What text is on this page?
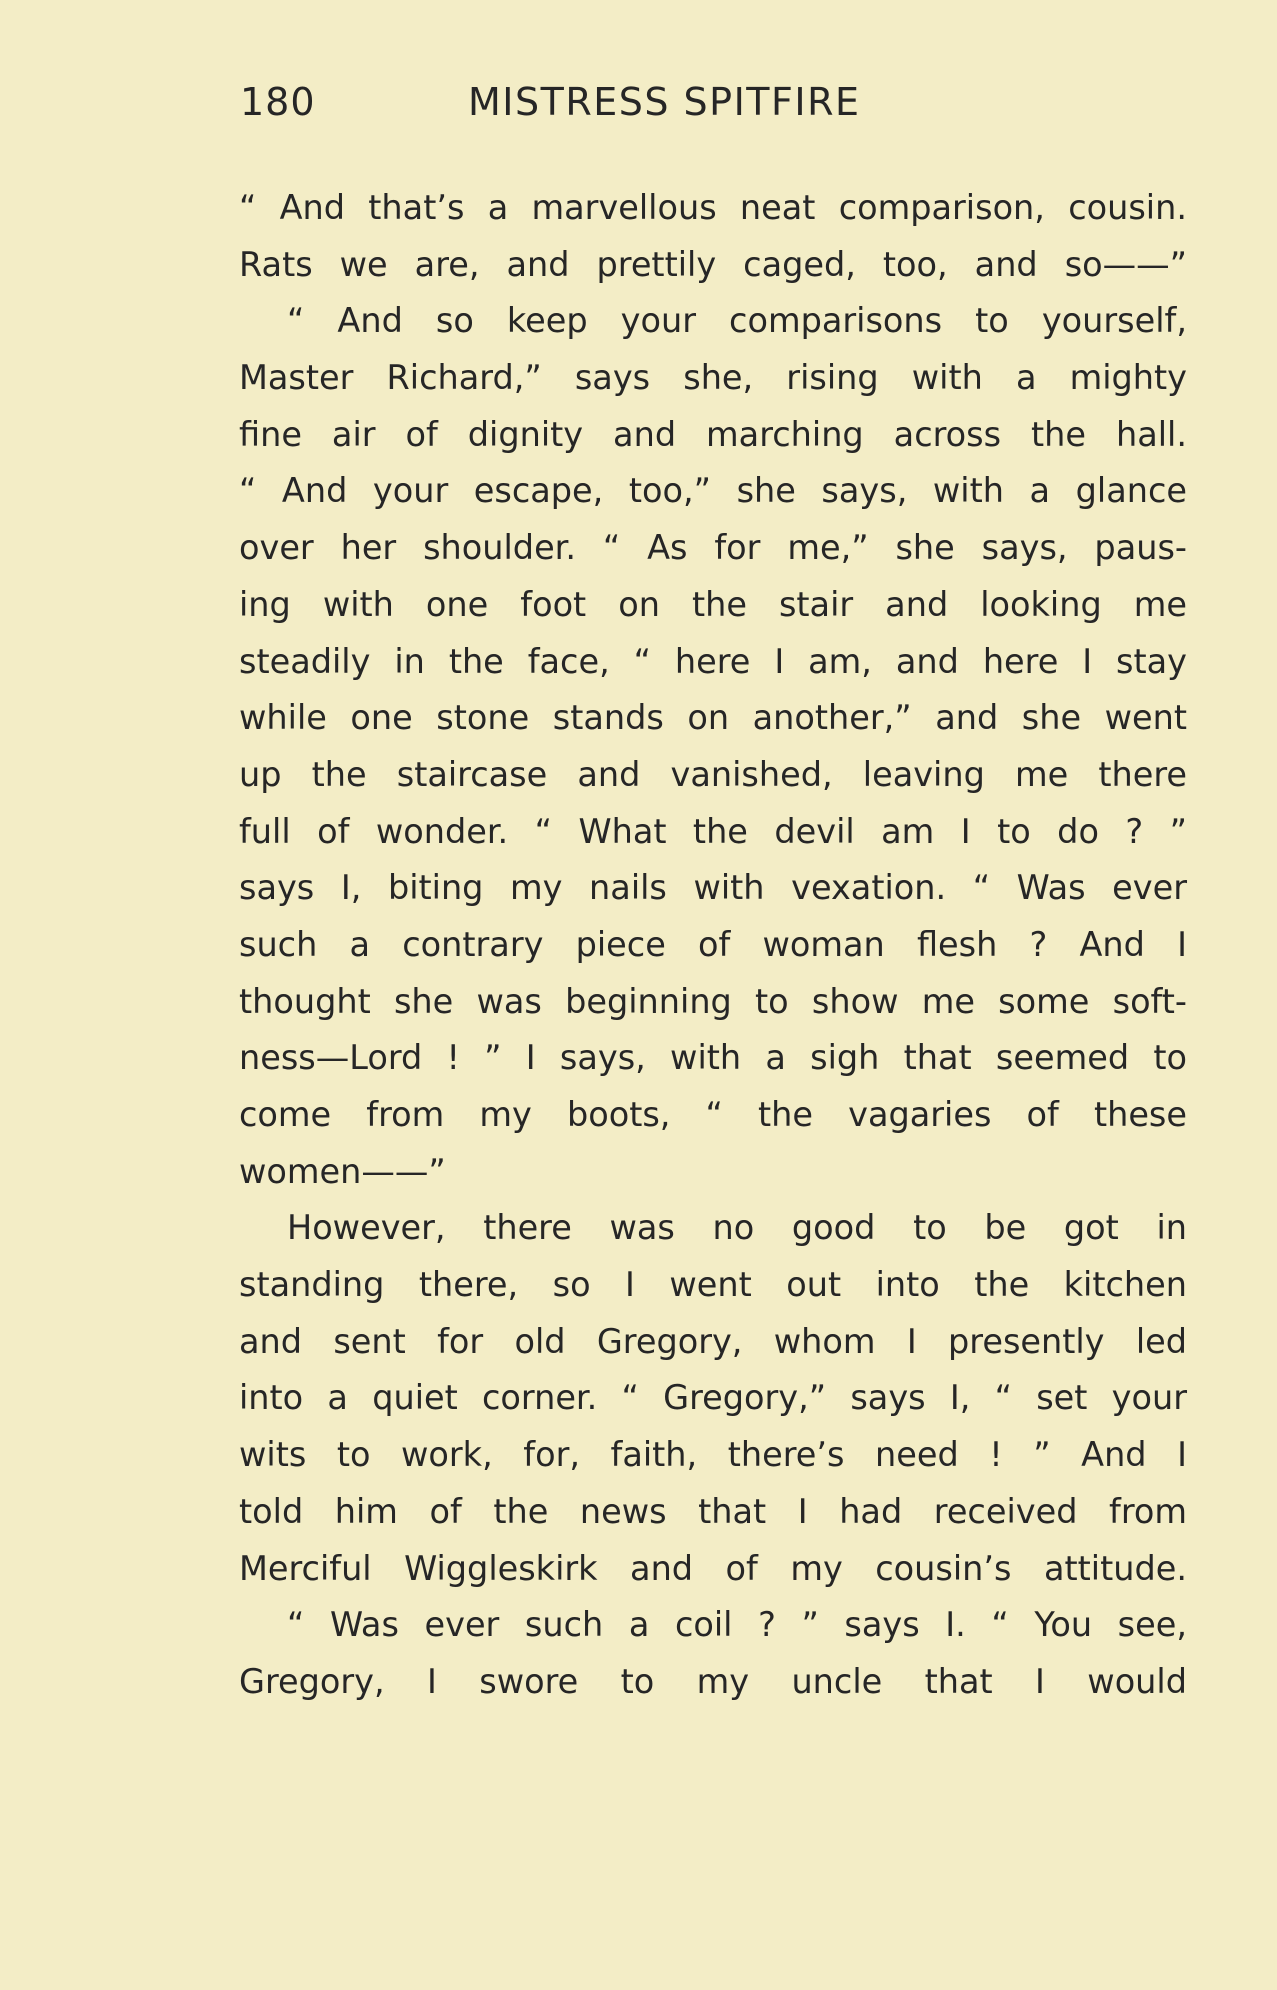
180	MISTRESS SPITFIRE
“ And that’s a marvellous neat comparison, cousin.
Rats we are, and prettily caged, too, and so——”
“ And so keep your comparisons to yourself,
Master Richard,” says she, rising with a mighty
fine air of dignity and marching across the hall.
“ And your escape, too,” she says, with a glance
over her shoulder. “ As for me,” she says, paus-
ing with one foot on the stair and looking me
steadily in the face, “ here I am, and here I stay
while one stone stands on another,” and she went
up the staircase and vanished, leaving me there
full of wonder. “ What the devil am I to do ? ”
says I, biting my nails with vexation. “ Was ever
such a contrary piece of woman flesh ? And I
thought she was beginning to show me some soft-
ness—Lord ! ” I says, with a sigh that seemed to
come from my boots, “ the vagaries of these
women——”
However, there was no good to be got in
standing there, so I went out into the kitchen
and sent for old Gregory, whom I presently led
into a quiet corner. “ Gregory,” says I, “ set your
wits to work, for, faith, there’s need ! ” And I
told him of the news that I had received from
Merciful Wiggleskirk and of my cousin’s attitude.
“ Was ever such a coil ? ” says I. “ You see,
Gregory, I swore to my uncle that I would
